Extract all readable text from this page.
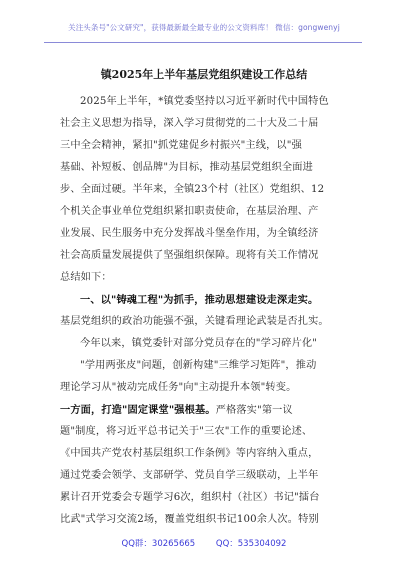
关注头条号"公文研究"，获得最新最全最专业的公文资料库！ 微信：gongwenyj
镇2025年上半年基层党组织建设工作总结
2025年上半年，*镇党委坚持以习近平新时代中国特色
社会主义思想为指导，深入学习贯彻党的二十大及二十届
三中全会精神，紧扣"抓党建促乡村振兴"主线，以"强
基础、补短板、创品牌"为目标，推动基层党组织全面进
步、全面过硬。半年来，全镇23个村（社区）党组织、12
个机关企事业单位党组织紧扣职责使命，在基层治理、产
业发展、民生服务中充分发挥战斗堡垒作用，为全镇经济
社会高质量发展提供了坚强组织保障。现将有关工作情况
总结如下：
一、以"铸魂工程"为抓手，推动思想建设走深走实。
基层党组织的政治功能强不强，关键看理论武装是否扎实。
今年以来，镇党委针对部分党员存在的"学习碎片化"
"学用两张皮"问题，创新构建"三维学习矩阵"，推动
理论学习从"被动完成任务"向"主动提升本领"转变。
一方面，打造"固定课堂"强根基。严格落实"第一议
题"制度，将习近平总书记关于"三农"工作的重要论述、
《中国共产党农村基层组织工作条例》等内容纳入重点，
通过党委会领学、支部研学、党员自学三级联动，上半年
累计召开党委会专题学习6次，组织村（社区）书记"擂台
比武"式学习交流2场，覆盖党组织书记100余人次。特别
QQ群：30265665 QQ：535304092
